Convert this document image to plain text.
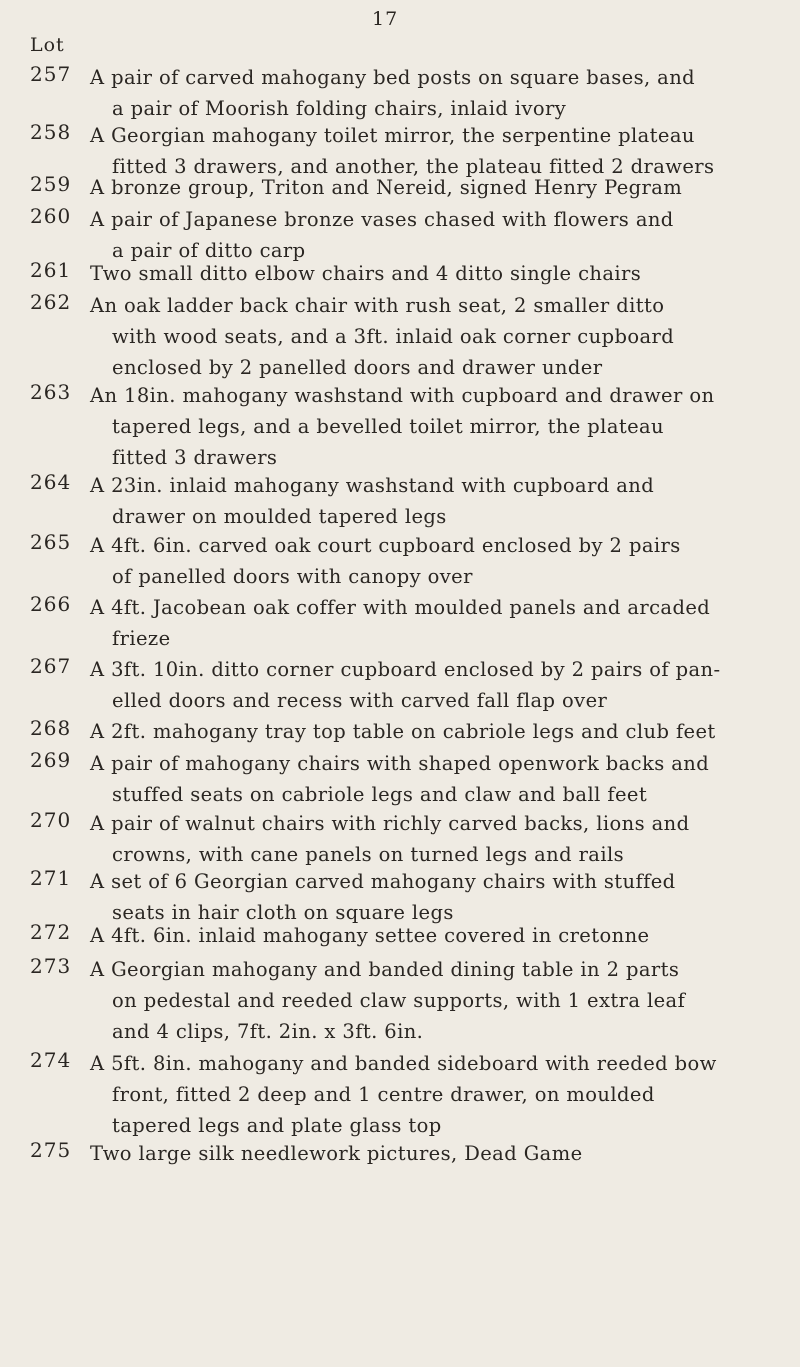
17
Lot
257 A pair of carved mahogany bed posts on square bases, and

a pair of Moorish folding chairs, inlaid ivory
258 A Georgian mahogany toilet mirror, the serpentine plateau

fitted 3 drawers, and another, the plateau fitted 2 drawers
259 A bronze group, Triton and Nereid, signed Henry Pegram
260 A pair of Japanese bronze vases chased with flowers and

a pair of ditto carp
261 Two small ditto elbow chairs and 4 ditto single chairs
262 An oak ladder back chair with rush seat, 2 smaller ditto

with wood seats, and a 3ft. inlaid oak corner cupboard
enclosed by 2 panelled doors and drawer under
263 An 18in. mahogany washstand with cupboard and drawer on

tapered legs, and a bevelled toilet mirror, the plateau
fitted 3 drawers
264 A 23in. inlaid mahogany washstand with cupboard and

drawer on moulded tapered legs
265 A 4ft. 6in. carved oak court cupboard enclosed by 2 pairs

of panelled doors with canopy over
266 A 4ft. Jacobean oak coffer with moulded panels and arcaded

frieze
267 A 3ft. 10in. ditto corner cupboard enclosed by 2 pairs of pan-

elled doors and recess with carved fall flap over
268 A 2ft. mahogany tray top table on cabriole legs and club feet
269 A pair of mahogany chairs with shaped openwork backs and

stuffed seats on cabriole legs and claw and ball feet
270 A pair of walnut chairs with richly carved backs, lions and

crowns, with cane panels on turned legs and rails
271 A set of 6 Georgian carved mahogany chairs with stuffed

seats in hair cloth on square legs
272 A 4ft. 6in. inlaid mahogany settee covered in cretonne
273 A Georgian mahogany and banded dining table in 2 parts

on pedestal and reeded claw supports, with 1 extra leaf
and 4 clips, 7ft. 2in. x 3ft. 6in.
274 A 5ft. 8in. mahogany and banded sideboard with reeded bow

front, fitted 2 deep and 1 centre drawer, on moulded
tapered legs and plate glass top
275 Two large silk needlework pictures, Dead Game
